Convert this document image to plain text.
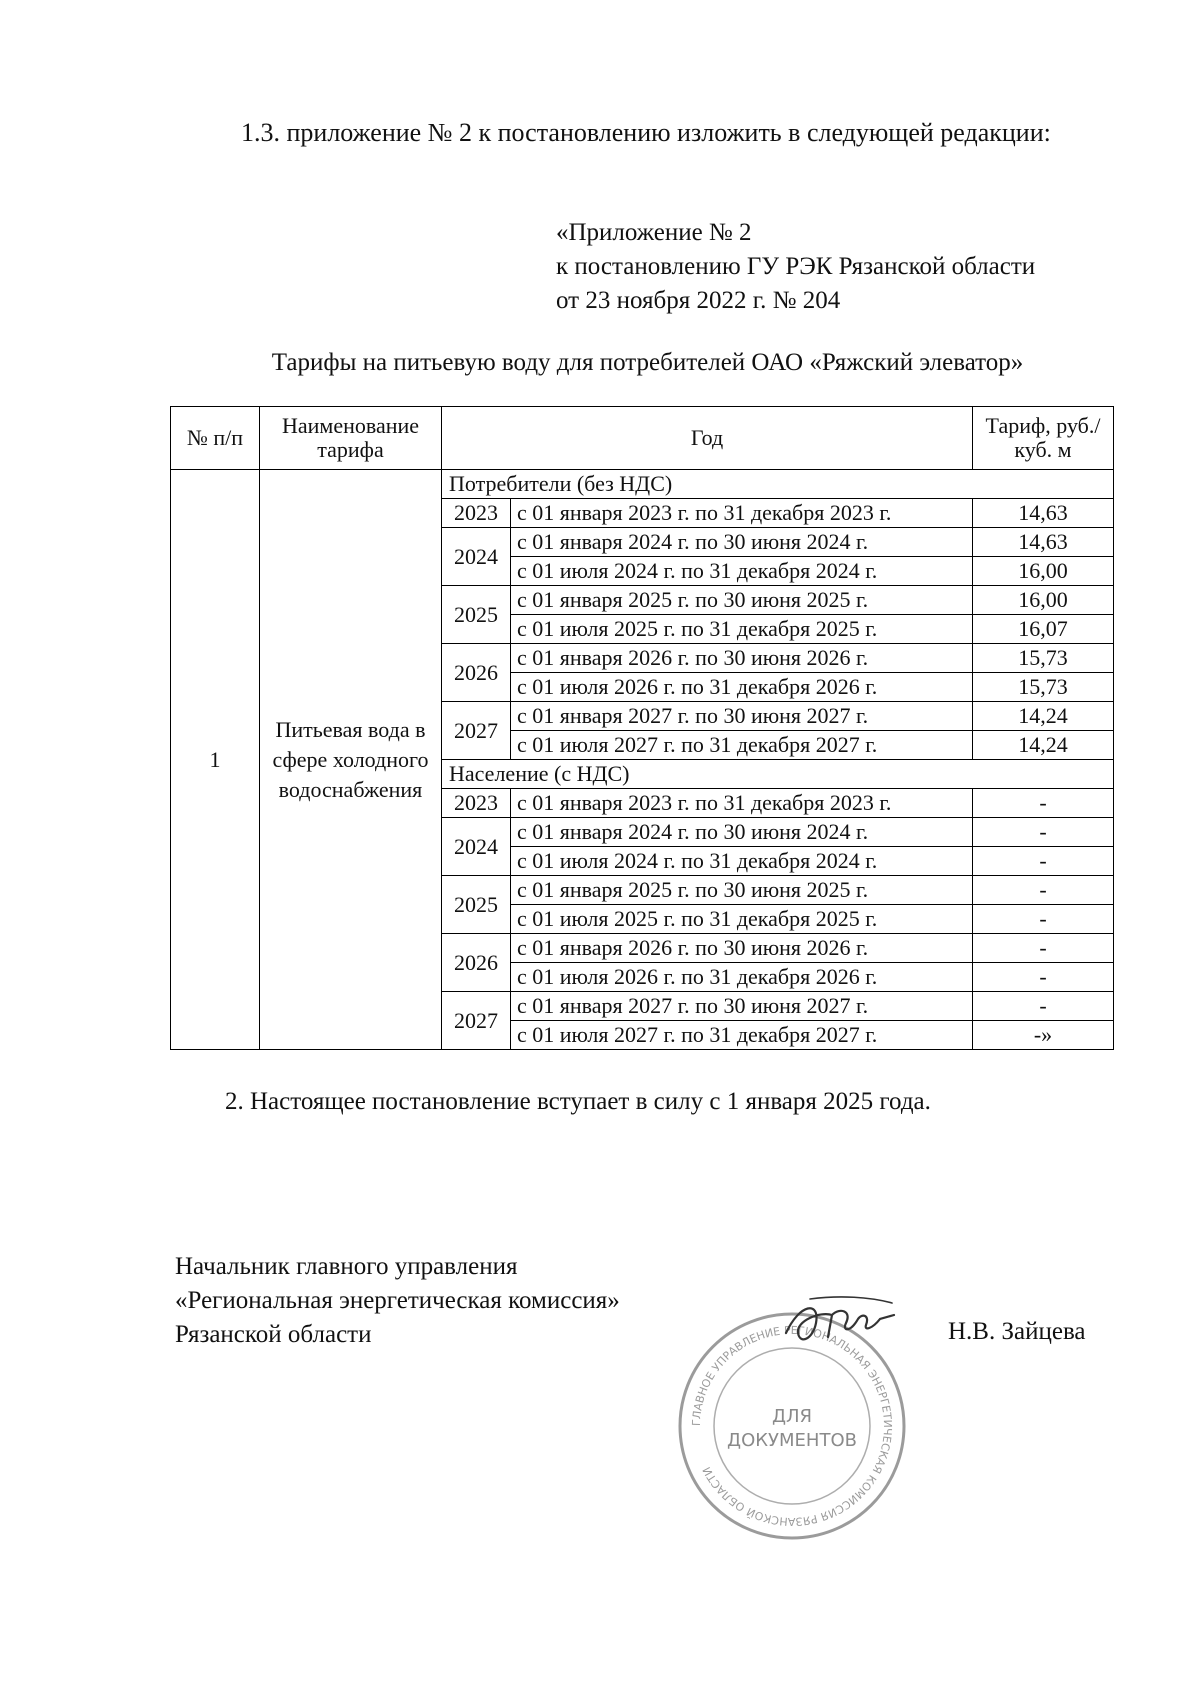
1.3. приложение № 2 к постановлению изложить в следующей редакции:
«Приложение № 2
к постановлению ГУ РЭК Рязанской области
от 23 ноября 2022 г. № 204
Тарифы на питьевую воду для потребителей ОАО «Ряжский элеватор»
№ п/п	Наименование тарифа	Год		Тариф, руб./куб. м
1	Питьевая вода в сфере холодного водоснабжения	Потребители (без НДС)		
		2023	с 01 января 2023 г. по 31 декабря 2023 г.	14,63
		2024	с 01 января 2024 г. по 30 июня 2024 г.	14,63
			с 01 июля 2024 г. по 31 декабря 2024 г.	16,00
		2025	с 01 января 2025 г. по 30 июня 2025 г.	16,00
			с 01 июля 2025 г. по 31 декабря 2025 г.	16,07
		2026	с 01 января 2026 г. по 30 июня 2026 г.	15,73
			с 01 июля 2026 г. по 31 декабря 2026 г.	15,73
		2027	с 01 января 2027 г. по 30 июня 2027 г.	14,24
			с 01 июля 2027 г. по 31 декабря 2027 г.	14,24
		Население (с НДС)		
		2023	с 01 января 2023 г. по 31 декабря 2023 г.	-
		2024	с 01 января 2024 г. по 30 июня 2024 г.	-
			с 01 июля 2024 г. по 31 декабря 2024 г.	-
		2025	с 01 января 2025 г. по 30 июня 2025 г.	-
			с 01 июля 2025 г. по 31 декабря 2025 г.	-
		2026	с 01 января 2026 г. по 30 июня 2026 г.	-
			с 01 июля 2026 г. по 31 декабря 2026 г.	-
		2027	с 01 января 2027 г. по 30 июня 2027 г.	-
			с 01 июля 2027 г. по 31 декабря 2027 г.	-»
2. Настоящее постановление вступает в силу с 1 января 2025 года.
Начальник главного управления
«Региональная энергетическая комиссия»
Рязанской области
ГЛАВНОЕ УПРАВЛЕНИЕ РЕГИОНАЛЬНАЯ ЭНЕРГЕТИЧЕСКАЯ КОМИССИЯ РЯЗАНСКОЙ ОБЛАСТИ
ДЛЯ
ДОКУМЕНТОВ
Н.В. Зайцева
